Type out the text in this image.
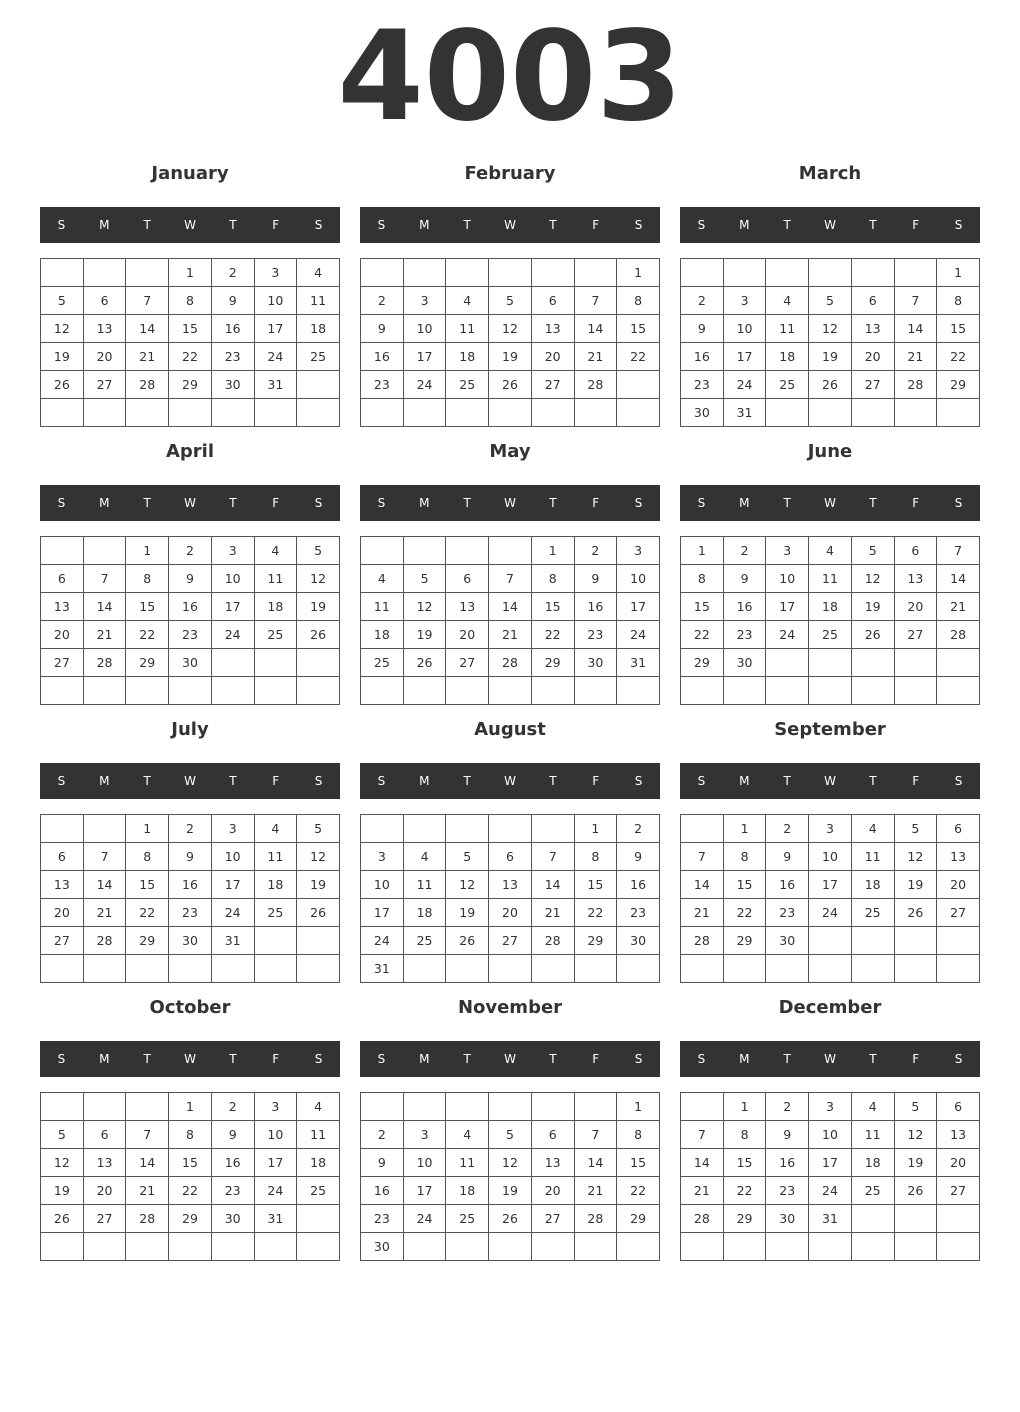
4003
January
S	M	T	W	T	F	S
			1	2	3	4
5	6	7	8	9	10	11
12	13	14	15	16	17	18
19	20	21	22	23	24	25
26	27	28	29	30	31	

February
S	M	T	W	T	F	S
						1
2	3	4	5	6	7	8
9	10	11	12	13	14	15
16	17	18	19	20	21	22
23	24	25	26	27	28	

March
S	M	T	W	T	F	S
						1
2	3	4	5	6	7	8
9	10	11	12	13	14	15
16	17	18	19	20	21	22
23	24	25	26	27	28	29
30	31					
April
S	M	T	W	T	F	S
		1	2	3	4	5
6	7	8	9	10	11	12
13	14	15	16	17	18	19
20	21	22	23	24	25	26
27	28	29	30			

May
S	M	T	W	T	F	S
				1	2	3
4	5	6	7	8	9	10
11	12	13	14	15	16	17
18	19	20	21	22	23	24
25	26	27	28	29	30	31

June
S	M	T	W	T	F	S
1	2	3	4	5	6	7
8	9	10	11	12	13	14
15	16	17	18	19	20	21
22	23	24	25	26	27	28
29	30					

July
S	M	T	W	T	F	S
		1	2	3	4	5
6	7	8	9	10	11	12
13	14	15	16	17	18	19
20	21	22	23	24	25	26
27	28	29	30	31		

August
S	M	T	W	T	F	S
					1	2
3	4	5	6	7	8	9
10	11	12	13	14	15	16
17	18	19	20	21	22	23
24	25	26	27	28	29	30
31						
September
S	M	T	W	T	F	S
	1	2	3	4	5	6
7	8	9	10	11	12	13
14	15	16	17	18	19	20
21	22	23	24	25	26	27
28	29	30				

October
S	M	T	W	T	F	S
			1	2	3	4
5	6	7	8	9	10	11
12	13	14	15	16	17	18
19	20	21	22	23	24	25
26	27	28	29	30	31	

November
S	M	T	W	T	F	S
						1
2	3	4	5	6	7	8
9	10	11	12	13	14	15
16	17	18	19	20	21	22
23	24	25	26	27	28	29
30						
December
S	M	T	W	T	F	S
	1	2	3	4	5	6
7	8	9	10	11	12	13
14	15	16	17	18	19	20
21	22	23	24	25	26	27
28	29	30	31			
